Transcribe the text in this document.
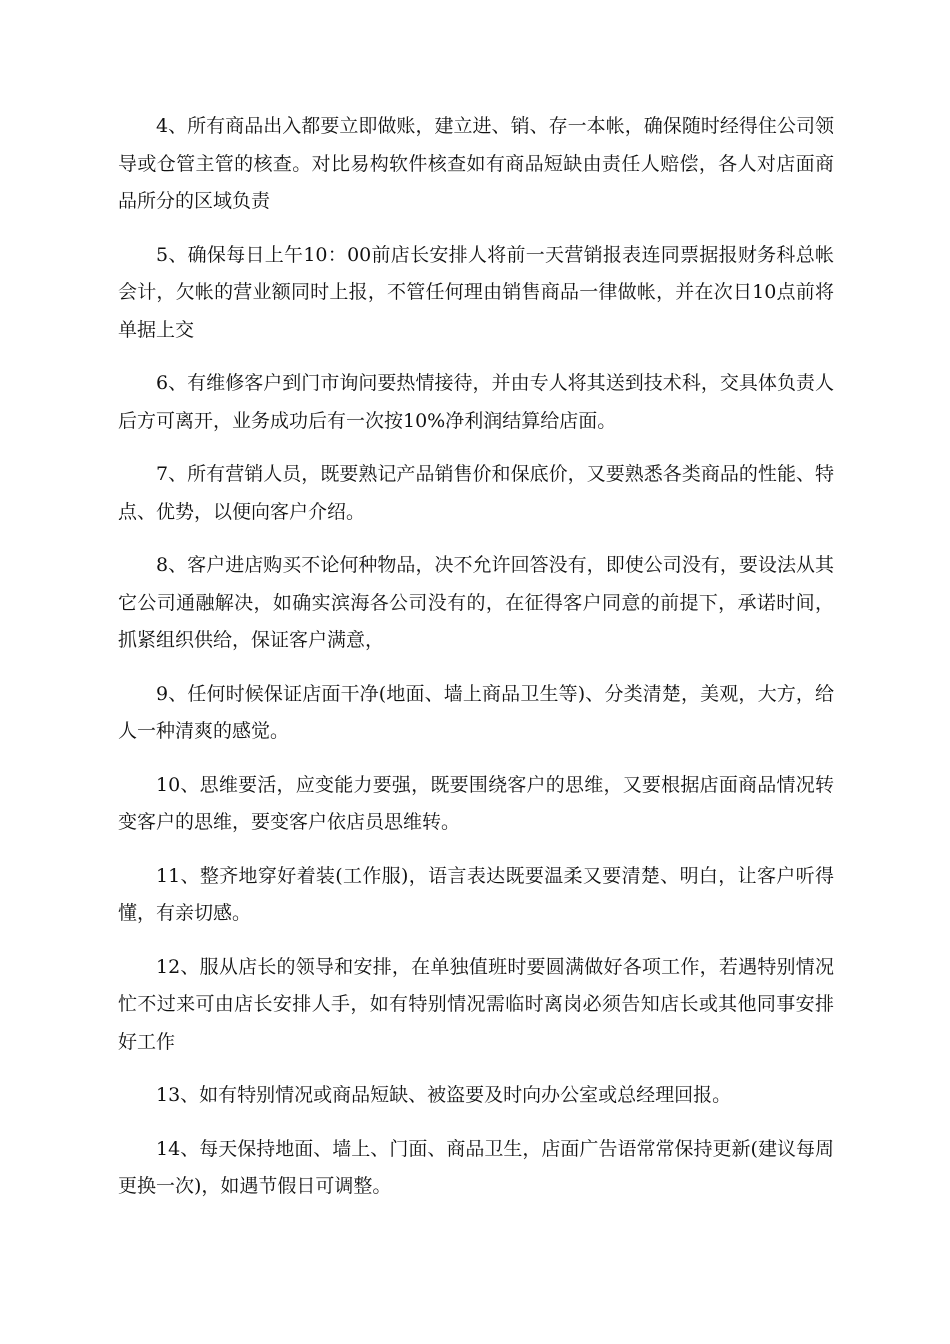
4、所有商品出入都要立即做账，建立进、销、存一本帐，确保随时经得住公司领导或仓管主管的核查。对比易构软件核查如有商品短缺由责任人赔偿，各人对店面商品所分的区域负责

5、确保每日上午10：00前店长安排人将前一天营销报表连同票据报财务科总帐会计，欠帐的营业额同时上报，不管任何理由销售商品一律做帐，并在次日10点前将单据上交

6、有维修客户到门市询问要热情接待，并由专人将其送到技术科，交具体负责人后方可离开，业务成功后有一次按10%净利润结算给店面。

7、所有营销人员，既要熟记产品销售价和保底价，又要熟悉各类商品的性能、特点、优势，以便向客户介绍。

8、客户进店购买不论何种物品，决不允许回答没有，即使公司没有，要设法从其它公司通融解决，如确实滨海各公司没有的，在征得客户同意的前提下，承诺时间，抓紧组织供给，保证客户满意，

9、任何时候保证店面干净(地面、墙上商品卫生等)、分类清楚，美观，大方，给人一种清爽的感觉。

10、思维要活，应变能力要强，既要围绕客户的思维，又要根据店面商品情况转变客户的思维，要变客户依店员思维转。

11、整齐地穿好着装(工作服)，语言表达既要温柔又要清楚、明白，让客户听得懂，有亲切感。

12、服从店长的领导和安排，在单独值班时要圆满做好各项工作，若遇特别情况忙不过来可由店长安排人手，如有特别情况需临时离岗必须告知店长或其他同事安排好工作

13、如有特别情况或商品短缺、被盗要及时向办公室或总经理回报。

14、每天保持地面、墙上、门面、商品卫生，店面广告语常常保持更新(建议每周更换一次)，如遇节假日可调整。
